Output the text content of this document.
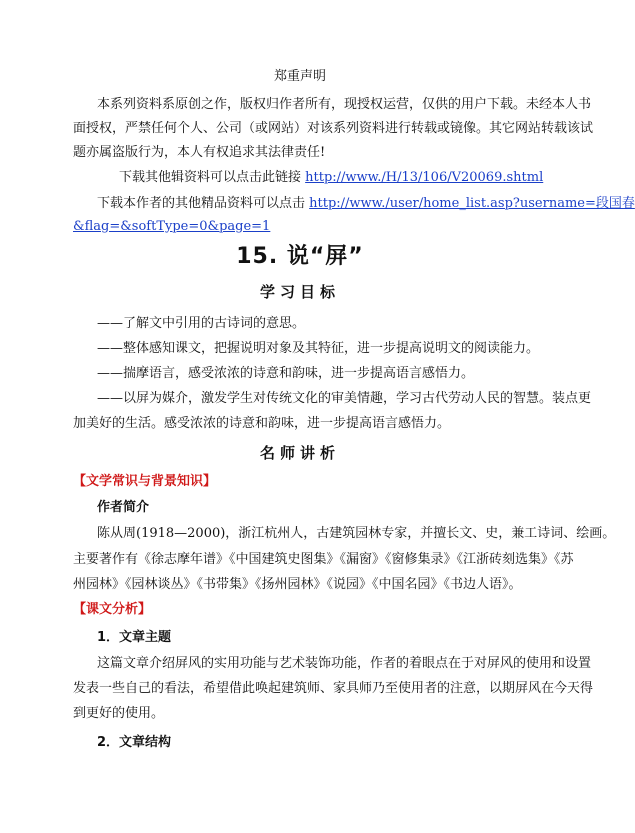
郑重声明
本系列资料系原创之作，版权归作者所有，现授权运营，仅供的用户下载。未经本人书
面授权，严禁任何个人、公司（或网站）对该系列资料进行转载或镜像。其它网站转载该试
题亦属盗版行为，本人有权追求其法律责任!
下载其他辑资料可以点击此链接 http://www./H/13/106/V20069.shtml
下载本作者的其他精品资料可以点击 http://www./user/home_list.asp?username=段国春
&flag=&softType=0&page=1
15. 说“屏”
学习目标
——了解文中引用的古诗词的意思。
——整体感知课文，把握说明对象及其特征，进一步提高说明文的阅读能力。
——揣摩语言，感受浓浓的诗意和韵味，进一步提高语言感悟力。
——以屏为媒介，激发学生对传统文化的审美情趣，学习古代劳动人民的智慧。装点更
加美好的生活。感受浓浓的诗意和韵味，进一步提高语言感悟力。
名师讲析
【文学常识与背景知识】
作者简介
陈从周(1918—2000)，浙江杭州人，古建筑园林专家，并擅长文、史，兼工诗词、绘画。
主要著作有《徐志摩年谱》《中国建筑史图集》《漏窗》《窗修集录》《江浙砖刻选集》《苏
州园林》《园林谈丛》《书带集》《扬州园林》《说园》《中国名园》《书边人语》。
【课文分析】
1．文章主题
这篇文章介绍屏风的实用功能与艺术装饰功能，作者的着眼点在于对屏风的使用和设置
发表一些自己的看法，希望借此唤起建筑师、家具师乃至使用者的注意，以期屏风在今天得
到更好的使用。
2．文章结构
